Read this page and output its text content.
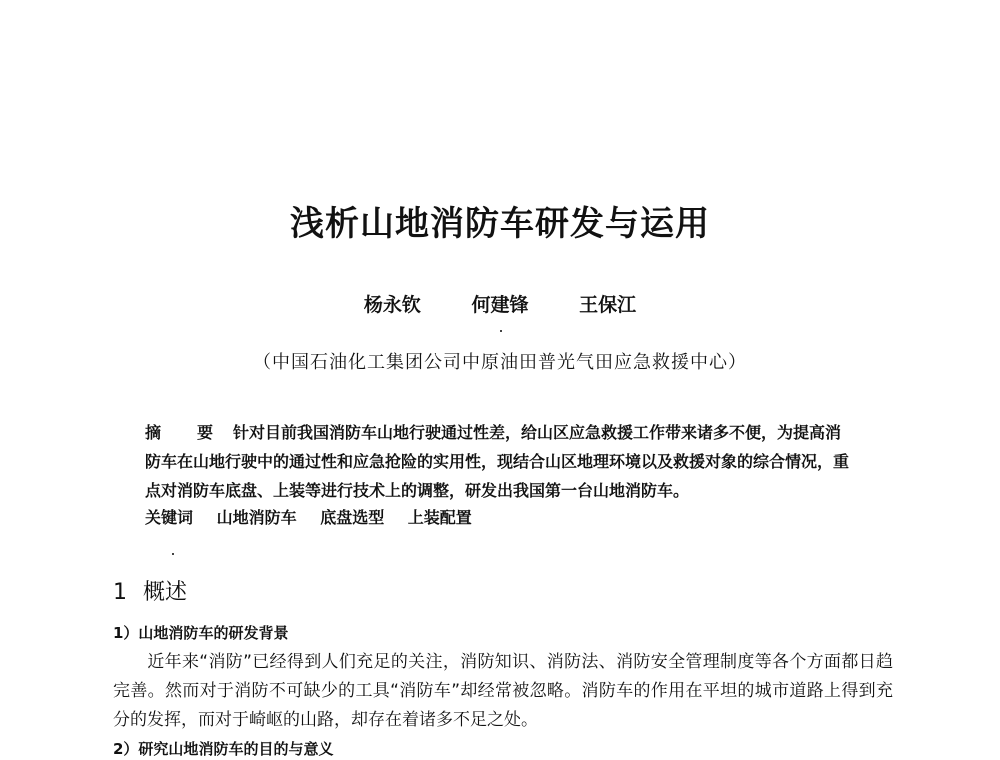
浅析山地消防车研发与运用
杨永钦	何建锋	王保江
（中国石油化工集团公司中原油田普光气田应急救援中心）
摘　要 针对目前我国消防车山地行驶通过性差，给山区应急救援工作带来诸多不便，为提高消防车在山地行驶中的通过性和应急抢险的实用性，现结合山区地理环境以及救援对象的综合情况，重点对消防车底盘、上装等进行技术上的调整，研发出我国第一台山地消防车。
关键词 山地消防车 底盘选型 上装配置
1 概述
1）山地消防车的研发背景
近年来“消防”已经得到人们充足的关注，消防知识、消防法、消防安全管理制度等各个方面都日趋完善。然而对于消防不可缺少的工具“消防车”却经常被忽略。消防车的作用在平坦的城市道路上得到充分的发挥，而对于崎岖的山路，却存在着诸多不足之处。
2）研究山地消防车的目的与意义
